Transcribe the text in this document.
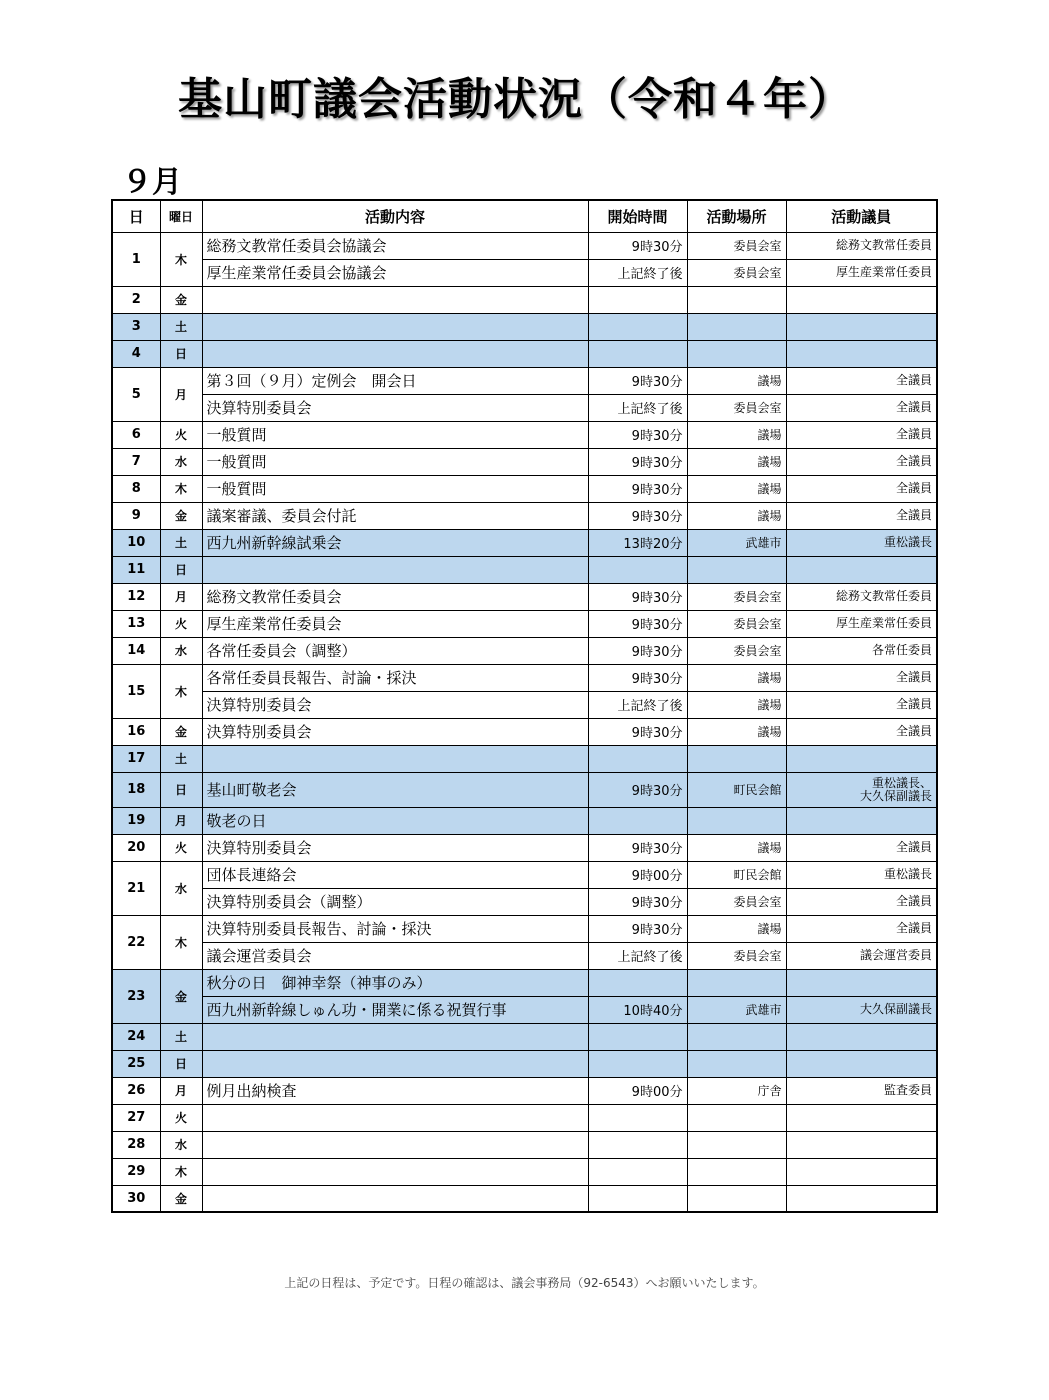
基山町議会活動状況（令和４年）
９月
日	曜日	活動内容	開始時間	活動場所	活動議員
1	木	総務文教常任委員会協議会	9時30分	委員会室	総務文教常任委員

		厚生産業常任委員会協議会	上記終了後	委員会室	厚生産業常任委員

2	金				

3	土				

4	日				

5	月	第３回（９月）定例会　開会日	9時30分	議場	全議員

		決算特別委員会	上記終了後	委員会室	全議員

6	火	一般質問	9時30分	議場	全議員

7	水	一般質問	9時30分	議場	全議員

8	木	一般質問	9時30分	議場	全議員

9	金	議案審議、委員会付託	9時30分	議場	全議員

10	土	西九州新幹線試乗会	13時20分	武雄市	重松議長

11	日				

12	月	総務文教常任委員会	9時30分	委員会室	総務文教常任委員

13	火	厚生産業常任委員会	9時30分	委員会室	厚生産業常任委員

14	水	各常任委員会（調整）	9時30分	委員会室	各常任委員

15	木	各常任委員長報告、討論・採決	9時30分	議場	全議員

		決算特別委員会	上記終了後	議場	全議員

16	金	決算特別委員会	9時30分	議場	全議員

17	土				

18	日	基山町敬老会	9時30分	町民会館	重松議長、
大久保副議長

19	月	敬老の日			

20	火	決算特別委員会	9時30分	議場	全議員

21	水	団体長連絡会	9時00分	町民会館	重松議長

		決算特別委員会（調整）	9時30分	委員会室	全議員

22	木	決算特別委員長報告、討論・採決	9時30分	議場	全議員

		議会運営委員会	上記終了後	委員会室	議会運営委員

23	金	秋分の日　御神幸祭（神事のみ）			

		西九州新幹線しゅん功・開業に係る祝賀行事	10時40分	武雄市	大久保副議長

24	土				

25	日				

26	月	例月出納検査	9時00分	庁舎	監査委員

27	火				

28	水				

29	木				

30	金				
上記の日程は、予定です。日程の確認は、議会事務局（92-6543）へお願いいたします。
